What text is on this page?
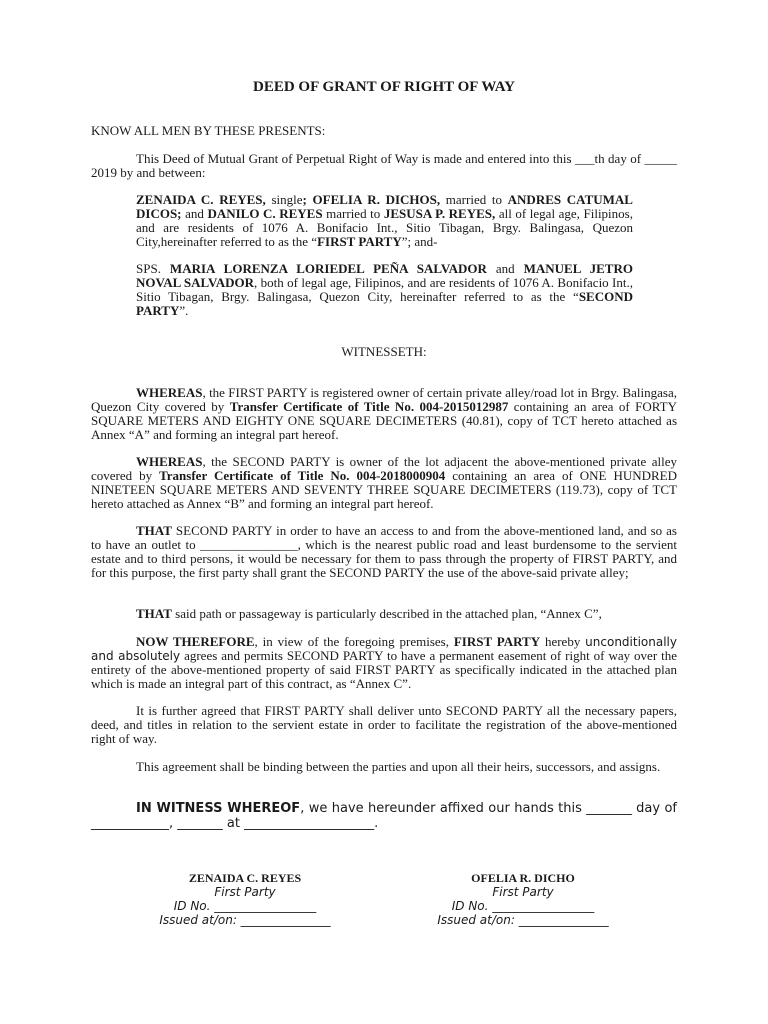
DEED OF GRANT OF RIGHT OF WAY
KNOW ALL MEN BY THESE PRESENTS:
This Deed of Mutual Grant of Perpetual Right of Way is made and entered into this ___th day of _____ 2019 by and between:
ZENAIDA C. REYES, single; OFELIA R. DICHOS, married to ANDRES CATUMAL DICOS; and DANILO C. REYES married to JESUSA P. REYES, all of legal age, Filipinos, and are residents of 1076 A. Bonifacio Int., Sitio Tibagan, Brgy. Balingasa, Quezon City,hereinafter referred to as the “FIRST PARTY”; and-
SPS. MARIA LORENZA LORIEDEL PEÑA SALVADOR and MANUEL JETRO NOVAL SALVADOR, both of legal age, Filipinos, and are residents of 1076 A. Bonifacio Int., Sitio Tibagan, Brgy. Balingasa, Quezon City, hereinafter referred to as the “SECOND PARTY”.
WITNESSETH:
WHEREAS, the FIRST PARTY is registered owner of certain private alley/road lot in Brgy. Balingasa, Quezon City covered by Transfer Certificate of Title No. 004-2015012987 containing an area of FORTY SQUARE METERS AND EIGHTY ONE SQUARE DECIMETERS (40.81), copy of TCT hereto attached as Annex “A” and forming an integral part hereof.
WHEREAS, the SECOND PARTY is owner of the lot adjacent the above-mentioned private alley covered by Transfer Certificate of Title No. 004-2018000904 containing an area of ONE HUNDRED NINETEEN SQUARE METERS AND SEVENTY THREE SQUARE DECIMETERS (119.73), copy of TCT hereto attached as Annex “B” and forming an integral part hereof.
THAT SECOND PARTY in order to have an access to and from the above-mentioned land, and so as to have an outlet to _______________, which is the nearest public road and least burdensome to the servient estate and to third persons, it would be necessary for them to pass through the property of FIRST PARTY, and for this purpose, the first party shall grant the SECOND PARTY the use of the above-said private alley;
THAT said path or passageway is particularly described in the attached plan, “Annex C”,
NOW THEREFORE, in view of the foregoing premises, FIRST PARTY hereby unconditionally and absolutely agrees and permits SECOND PARTY to have a permanent easement of right of way over the entirety of the above-mentioned property of said FIRST PARTY as specifically indicated in the attached plan which is made an integral part of this contract, as “Annex C”.
It is further agreed that FIRST PARTY shall deliver unto SECOND PARTY all the necessary papers, deed, and titles in relation to the servient estate in order to facilitate the registration of the above-mentioned right of way.
This agreement shall be binding between the parties and upon all their heirs, successors, and assigns.
IN WITNESS WHEREOF, we have hereunder affixed our hands this _______ day of ____________, _______ at ____________________.
ZENAIDA C. REYES
First Party
ID No. _________________
Issued at/on: _______________
OFELIA R. DICHO
First Party
ID No. _________________
Issued at/on: _______________
